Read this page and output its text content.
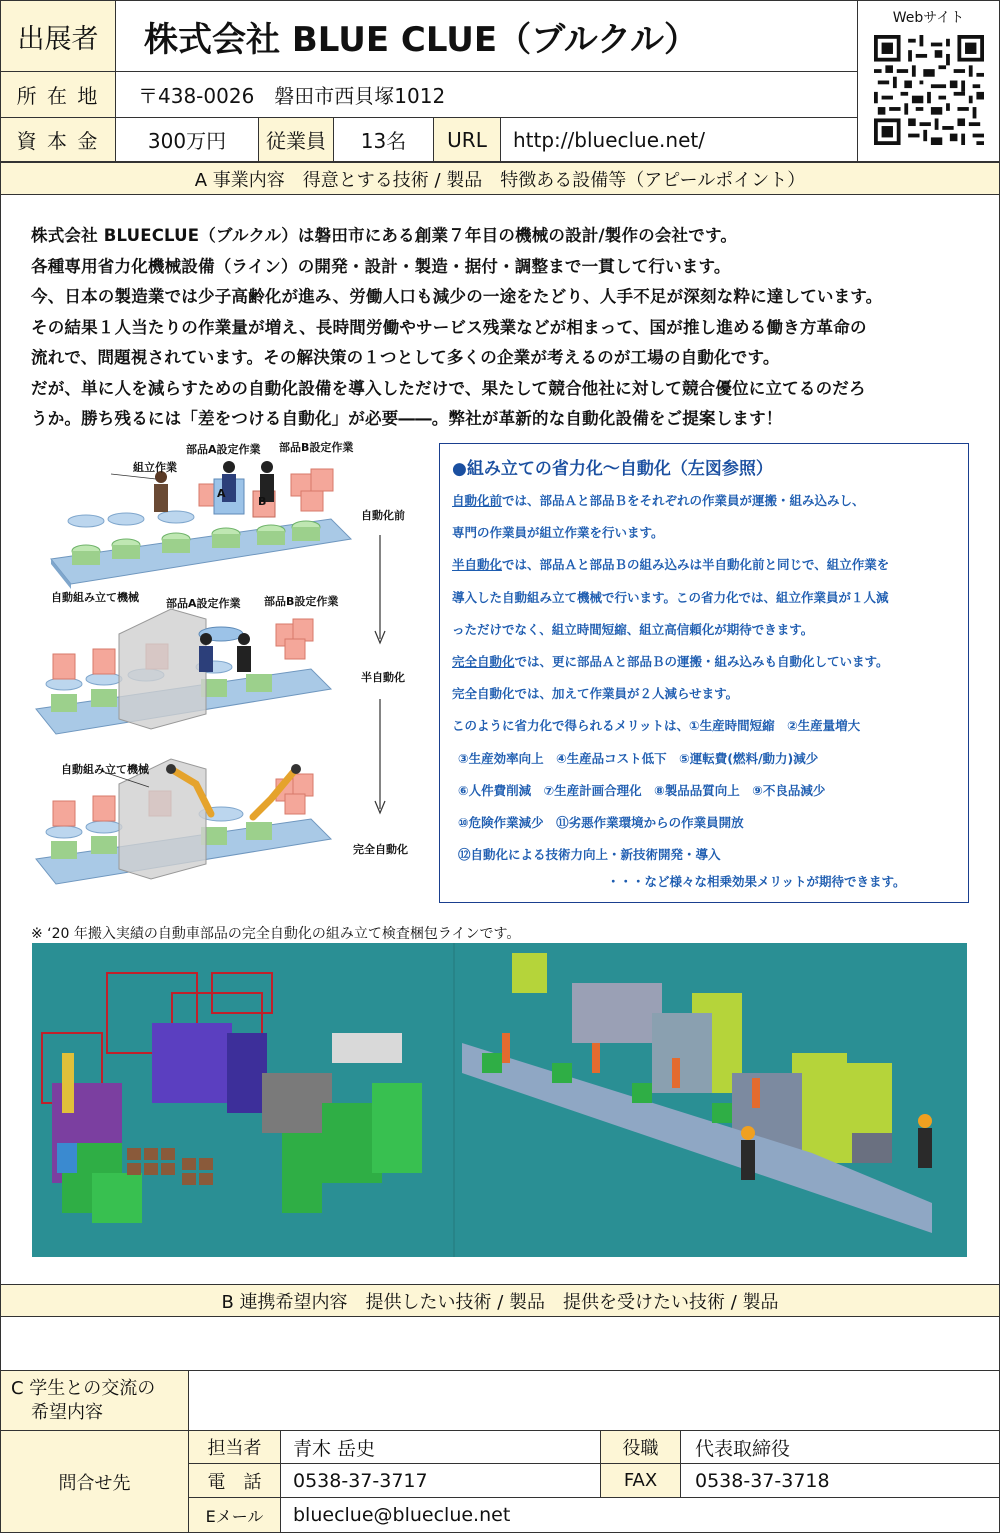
出展者	株式会社 BLUE CLUE（ブルクル）
所 在 地	〒438-0026　磐田市西貝塚1012
資 本 金	300万円	従業員	13名	URL	http://blueclue.net/
Webサイト
A 事業内容　得意とする技術 / 製品　特徴ある設備等（アピールポイント）

株式会社 BLUECLUE（ブルクル）は磐田市にある創業７年目の機械の設計/製作の会社です。

各種専用省力化機械設備（ライン）の開発・設計・製造・据付・調整まで一貫して行います。

今、日本の製造業では少子高齢化が進み、労働人口も減少の一途をたどり、人手不足が深刻な粋に達しています。

その結果１人当たりの作業量が増え、長時間労働やサービス残業などが相まって、国が推し進める働き方革命の

流れで、問題視されています。その解決策の１つとして多くの企業が考えるのが工場の自動化です。

だが、単に人を減らすための自動化設備を導入しただけで、果たして競合他社に対して競合優位に立てるのだろ

うか。勝ち残るには「差をつける自動化」が必要――。弊社が革新的な自動化設備をご提案します！

組立作業
部品A設定作業 部品B設定作業
A
B
自動組み立て機械 部品A設定作業 部品B設定作業
自動組み立て機械
自動化前
半自動化
完全自動化
●組み立ての省力化～自動化（左図参照）
自動化前では、部品Ａと部品Ｂをそれぞれの作業員が運搬・組み込みし、
専門の作業員が組立作業を行います。
半自動化では、部品Ａと部品Ｂの組み込みは半自動化前と同じで、組立作業を
導入した自動組み立て機械で行います。この省力化では、組立作業員が１人減
っただけでなく、組立時間短縮、組立高信頼化が期待できます。
完全自動化では、更に部品Ａと部品Ｂの運搬・組み込みも自動化しています。
完全自動化では、加えて作業員が２人減らせます。
このように省力化で得られるメリットは、①生産時間短縮　②生産量増大
③生産効率向上　④生産品コスト低下　⑤運転費(燃料/動力)減少
⑥人件費削減　⑦生産計画合理化　⑧製品品質向上　⑨不良品減少
⑩危険作業減少　⑪劣悪作業環境からの作業員開放
⑫自動化による技術力向上・新技術開発・導入
・・・など様々な相乗効果メリットが期待できます。
※ ‘20 年搬入実績の自動車部品の完全自動化の組み立て検査梱包ラインです。
B 連携希望内容　提供したい技術 / 製品　提供を受けたい技術 / 製品
C 学生との交流の
希望内容
問合せ先
担当者	青木 岳史	役職	代表取締役
電　話	0538-37-3717	FAX	0538-37-3718
Eメール	blueclue@blueclue.net
